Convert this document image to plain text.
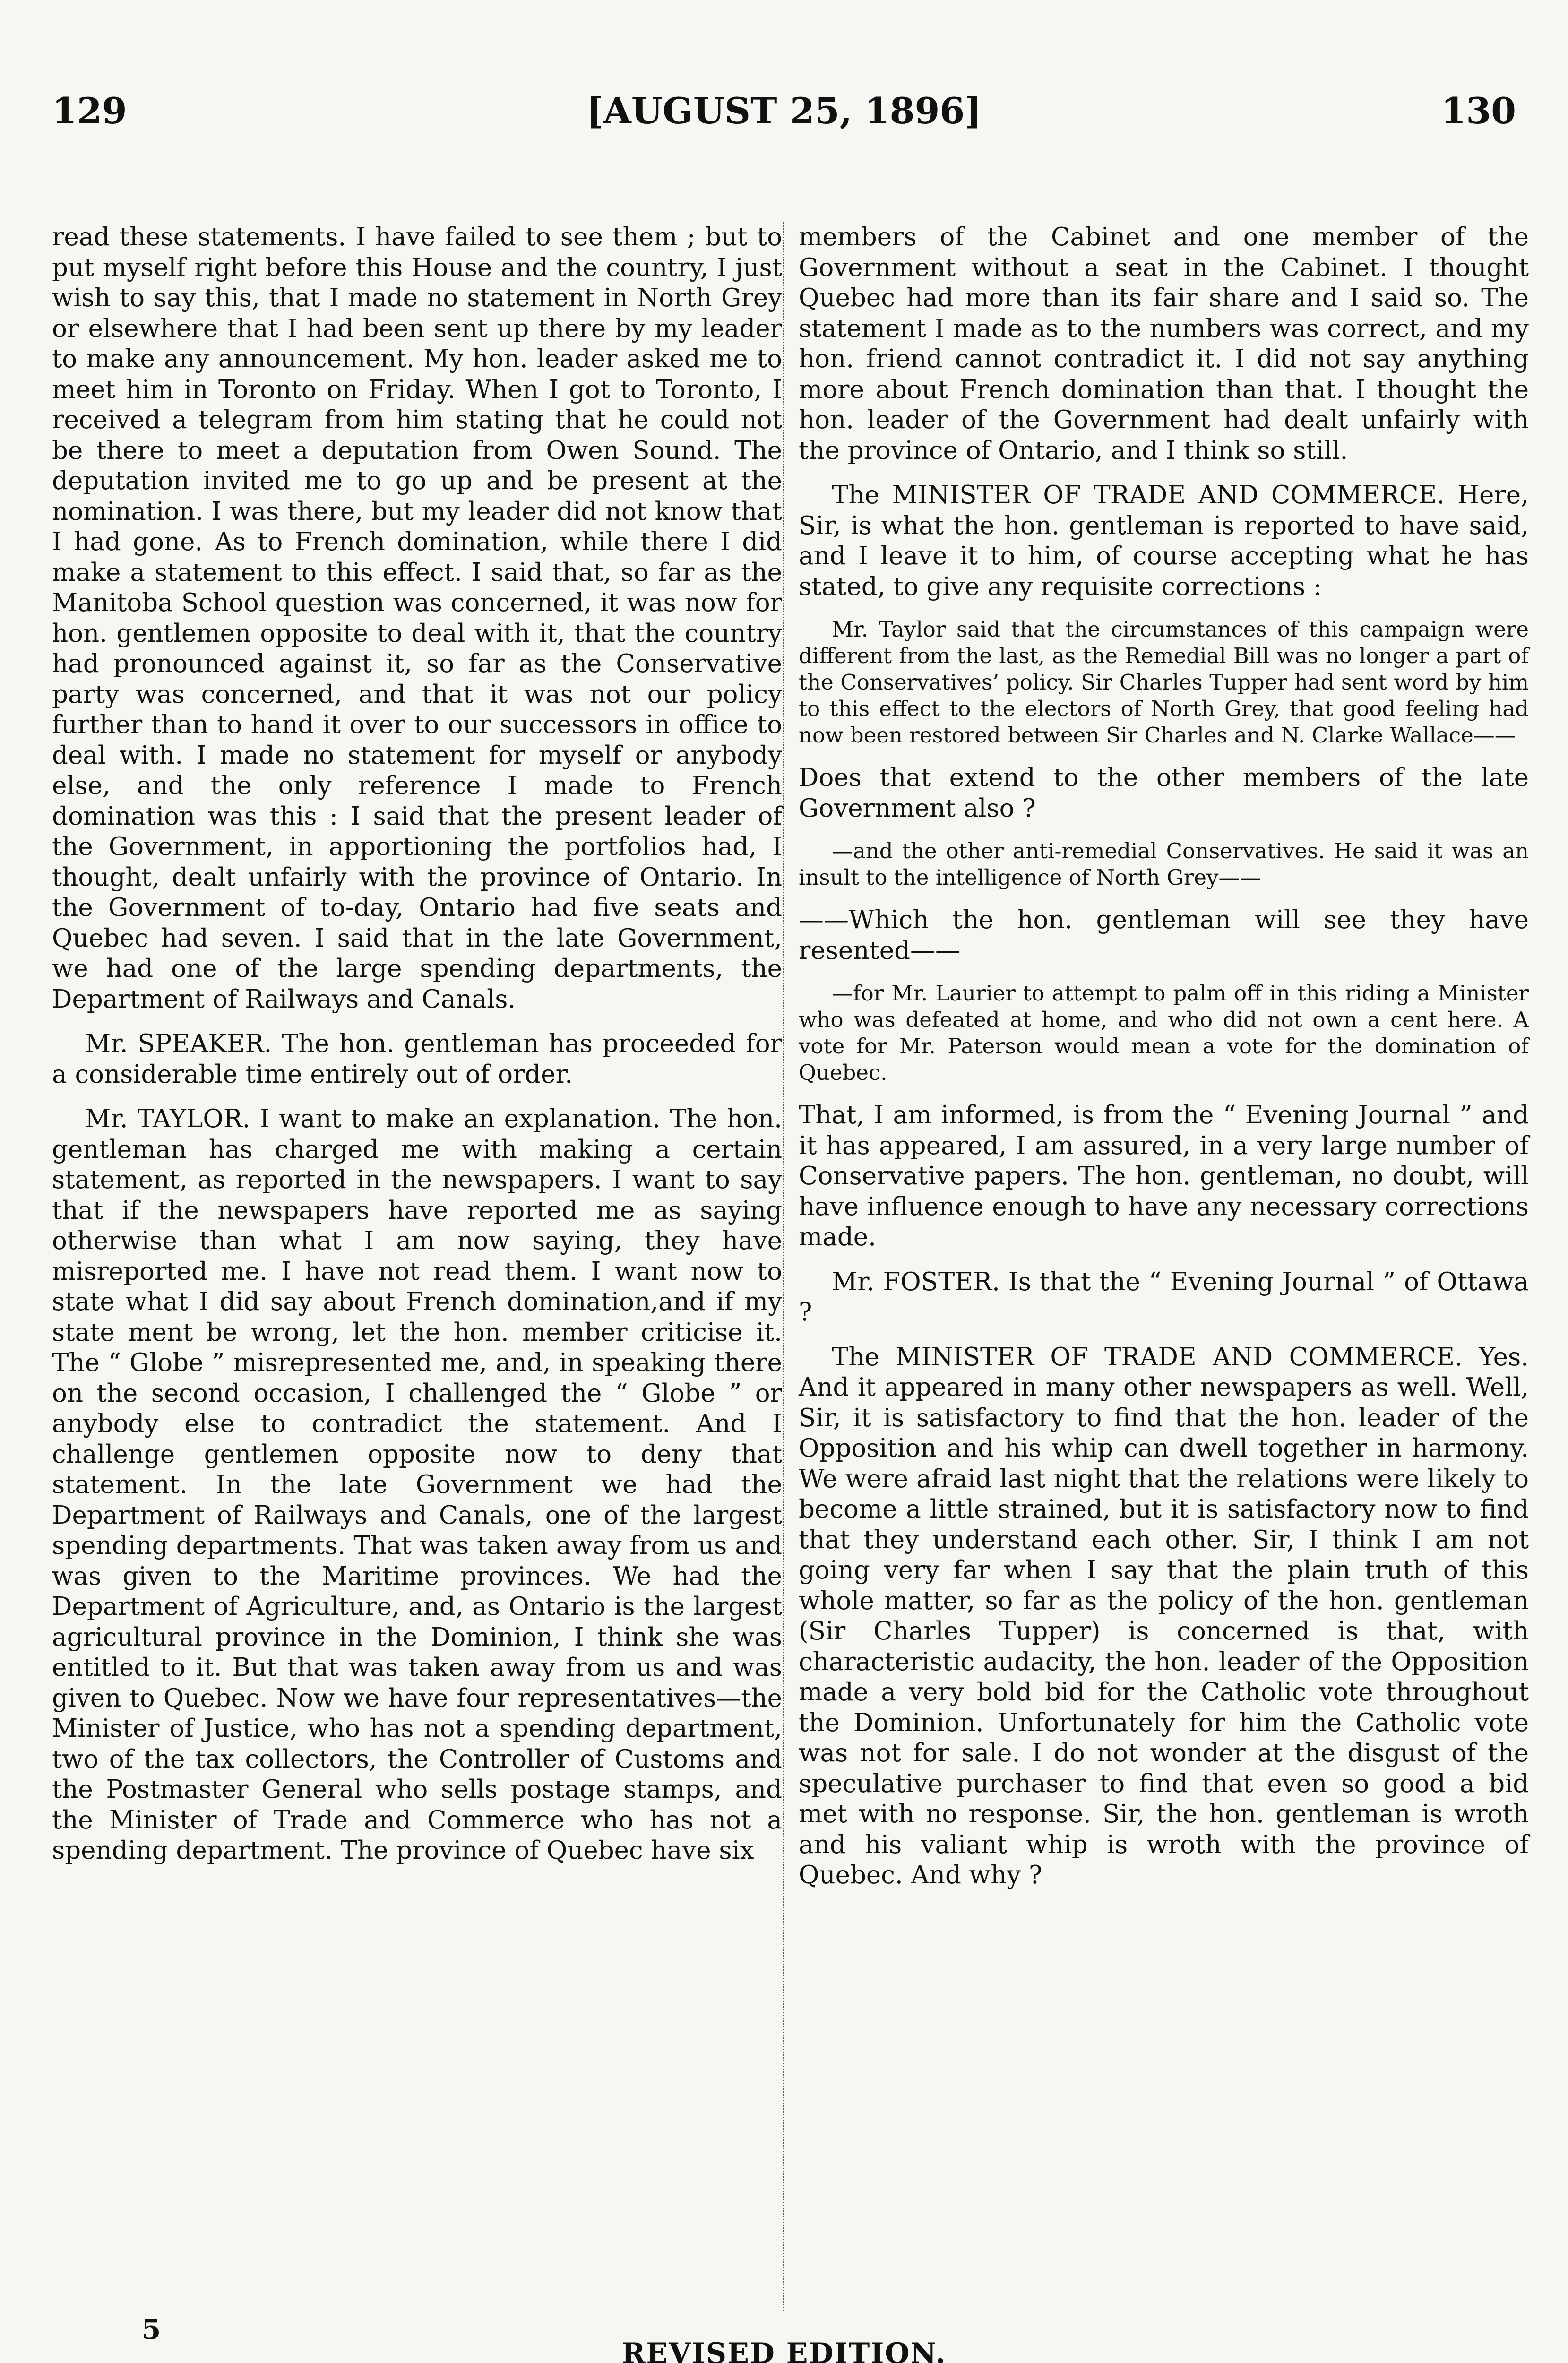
129	[AUGUST 25, 1896]	130

read these statements. I have failed to see them ; but to put myself right before this House and the country, I just wish to say this, that I made no statement in North Grey or elsewhere that I had been sent up there by my leader to make any announcement. My hon. leader asked me to meet him in Toronto on Friday. When I got to Toronto, I received a telegram from him stating that he could not be there to meet a deputation from Owen Sound. The deputation invited me to go up and be present at the nomination. I was there, but my leader did not know that I had gone. As to French domination, while there I did make a statement to this effect. I said that, so far as the Manitoba School question was concerned, it was now for hon. gentlemen opposite to deal with it, that the country had pronounced against it, so far as the Conservative party was concerned, and that it was not our policy further than to hand it over to our successors in office to deal with. I made no statement for myself or anybody else, and the only reference I made to French domination was this : I said that the present leader of the Government, in apportioning the portfolios had, I thought, dealt unfairly with the province of Ontario. In the Government of to-day, Ontario had five seats and Quebec had seven. I said that in the late Government, we had one of the large spending departments, the Department of Railways and Canals.

Mr. SPEAKER. The hon. gentleman has proceeded for a considerable time entirely out of order.

Mr. TAYLOR. I want to make an explanation. The hon. gentleman has charged me with making a certain statement, as reported in the newspapers. I want to say that if the newspapers have reported me as saying otherwise than what I am now saying, they have misreported me. I have not read them. I want now to state what I did say about French domination,and if my state ment be wrong, let the hon. member criticise it. The “ Globe ” misrepresented me, and, in speaking there on the second occasion, I challenged the “ Globe ” or anybody else to contradict the statement. And I challenge gentlemen opposite now to deny that statement. In the late Government we had the Department of Railways and Canals, one of the largest spending departments. That was taken away from us and was given to the Maritime provinces. We had the Department of Agriculture, and, as Ontario is the largest agricultural province in the Dominion, I think she was entitled to it. But that was taken away from us and was given to Quebec. Now we have four representatives—the Minister of Justice, who has not a spending department, two of the tax collectors, the Controller of Customs and the Postmaster General who sells postage stamps, and the Minister of Trade and Commerce who has not a spending department. The province of Quebec have six

members of the Cabinet and one member of the Government without a seat in the Cabinet. I thought Quebec had more than its fair share and I said so. The statement I made as to the numbers was correct, and my hon. friend cannot contradict it. I did not say anything more about French domination than that. I thought the hon. leader of the Government had dealt unfairly with the province of Ontario, and I think so still.

The MINISTER OF TRADE AND COMMERCE. Here, Sir, is what the hon. gentleman is reported to have said, and I leave it to him, of course accepting what he has stated, to give any requisite corrections :

Mr. Taylor said that the circumstances of this campaign were different from the last, as the Remedial Bill was no longer a part of the Conservatives’ policy. Sir Charles Tupper had sent word by him to this effect to the electors of North Grey, that good feeling had now been restored between Sir Charles and N. Clarke Wallace——

Does that extend to the other members of the late Government also ?

—and the other anti-remedial Conservatives. He said it was an insult to the intelligence of North Grey——

——Which the hon. gentleman will see they have resented——

—for Mr. Laurier to attempt to palm off in this riding a Minister who was defeated at home, and who did not own a cent here. A vote for Mr. Paterson would mean a vote for the domination of Quebec.

That, I am informed, is from the “ Evening Journal ” and it has appeared, I am assured, in a very large number of Conservative papers. The hon. gentleman, no doubt, will have influence enough to have any necessary corrections made.

Mr. FOSTER. Is that the “ Evening Journal ” of Ottawa ?

The MINISTER OF TRADE AND COMMERCE. Yes. And it appeared in many other newspapers as well. Well, Sir, it is satisfactory to find that the hon. leader of the Opposition and his whip can dwell together in harmony. We were afraid last night that the relations were likely to become a little strained, but it is satisfactory now to find that they understand each other. Sir, I think I am not going very far when I say that the plain truth of this whole matter, so far as the policy of the hon. gentleman (Sir Charles Tupper) is concerned is that, with characteristic audacity, the hon. leader of the Opposition made a very bold bid for the Catholic vote throughout the Dominion. Unfortunately for him the Catholic vote was not for sale. I do not wonder at the disgust of the speculative purchaser to find that even so good a bid met with no response. Sir, the hon. gentleman is wroth and his valiant whip is wroth with the province of Quebec. And why ?

5
REVISED EDITION.
